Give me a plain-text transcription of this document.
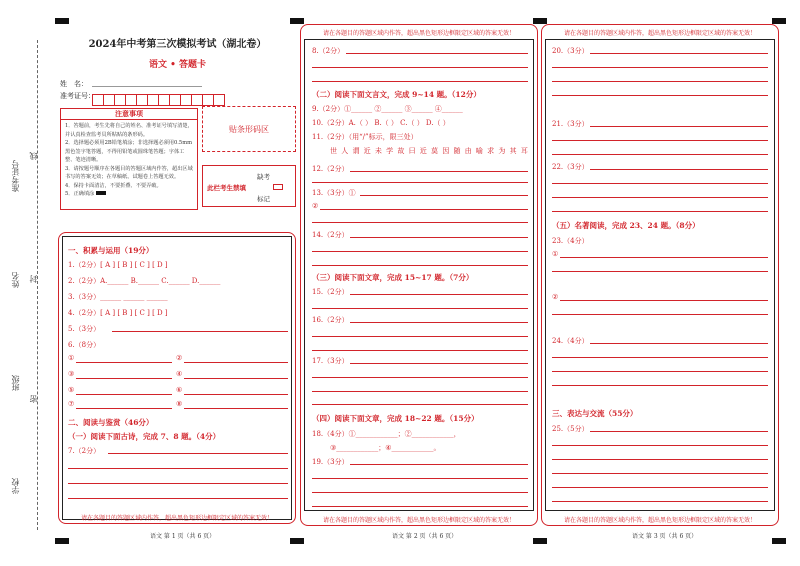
准考证号
姓名
班级
学校
线
封
密
2024年中考第三次模拟考试（湖北卷）
语文 • 答题卡
姓　名：
准考证号：
注意事项
1．答题前，考生先将自己的姓名、准考证号填写清楚，并认真检查监考员所粘贴的条形码。
2．选择题必须用2B铅笔填涂；非选择题必须用0.5mm黑色签字笔答题，不得用铅笔或圆珠笔答题；字体工整、笔迹清晰。
3．请按题号顺序在各题目的答题区域内作答，超出区域书写的答案无效；在草稿纸、试题卷上答题无效。
4．保持卡面清洁，不要折叠、不要弄破。
5．正确填涂
贴条形码区
缺考
此栏考生禁填
标记
一、积累与运用（19分）
1.（2分）[ A ] [ B ] [ C ] [ D ]
2.（2分）A.______ B.______ C.______ D.______
3.（3分）______ ______ ______
4.（2分）[ A ] [ B ] [ C ] [ D ]
5.（3分）
6.（8分）
①	②
③	④
⑤	⑥
⑦	⑧
二、阅读与鉴赏（46分）
（一）阅读下面古诗，完成 7、8 题。（4分）
7.（2分）
请在各题目的答题区域内作答，超出黑色矩形边框限定区域的答案无效！
语文 第 1 页（共 6 页）
请在各题目的答题区域内作答，超出黑色矩形边框限定区域的答案无效！
8.（2分）
（二）阅读下面文言文，完成 9~14 题。（12分）
9.（2分）①______ ②______ ③______ ④______
10.（2分）A.（ ） B.（ ） C.（ ） D.（ ）
11.（2分）（用“/”标示，限三处）
世 人 谓 近 未 学 故 曰 近 莫 因 随 由 喻 求 为 其 耳
12.（2分）
13.（3分）①
②
14.（2分）
（三）阅读下面文章，完成 15~17 题。（7分）
15.（2分）
16.（2分）
17.（3分）
（四）阅读下面文章，完成 18~22 题。（15分）
18.（4分）①____________；②____________，
③____________；④____________。
19.（3分）
请在各题目的答题区域内作答，超出黑色矩形边框限定区域的答案无效！
语文 第 2 页（共 6 页）
请在各题目的答题区域内作答，超出黑色矩形边框限定区域的答案无效！
20.（3分）
21.（3分）
22.（3分）
（五）名著阅读，完成 23、24 题。（8分）
23.（4分）
①
②
24.（4分）
三、表达与交流（55分）
25.（5分）
请在各题目的答题区域内作答，超出黑色矩形边框限定区域的答案无效！
语文 第 3 页（共 6 页）
